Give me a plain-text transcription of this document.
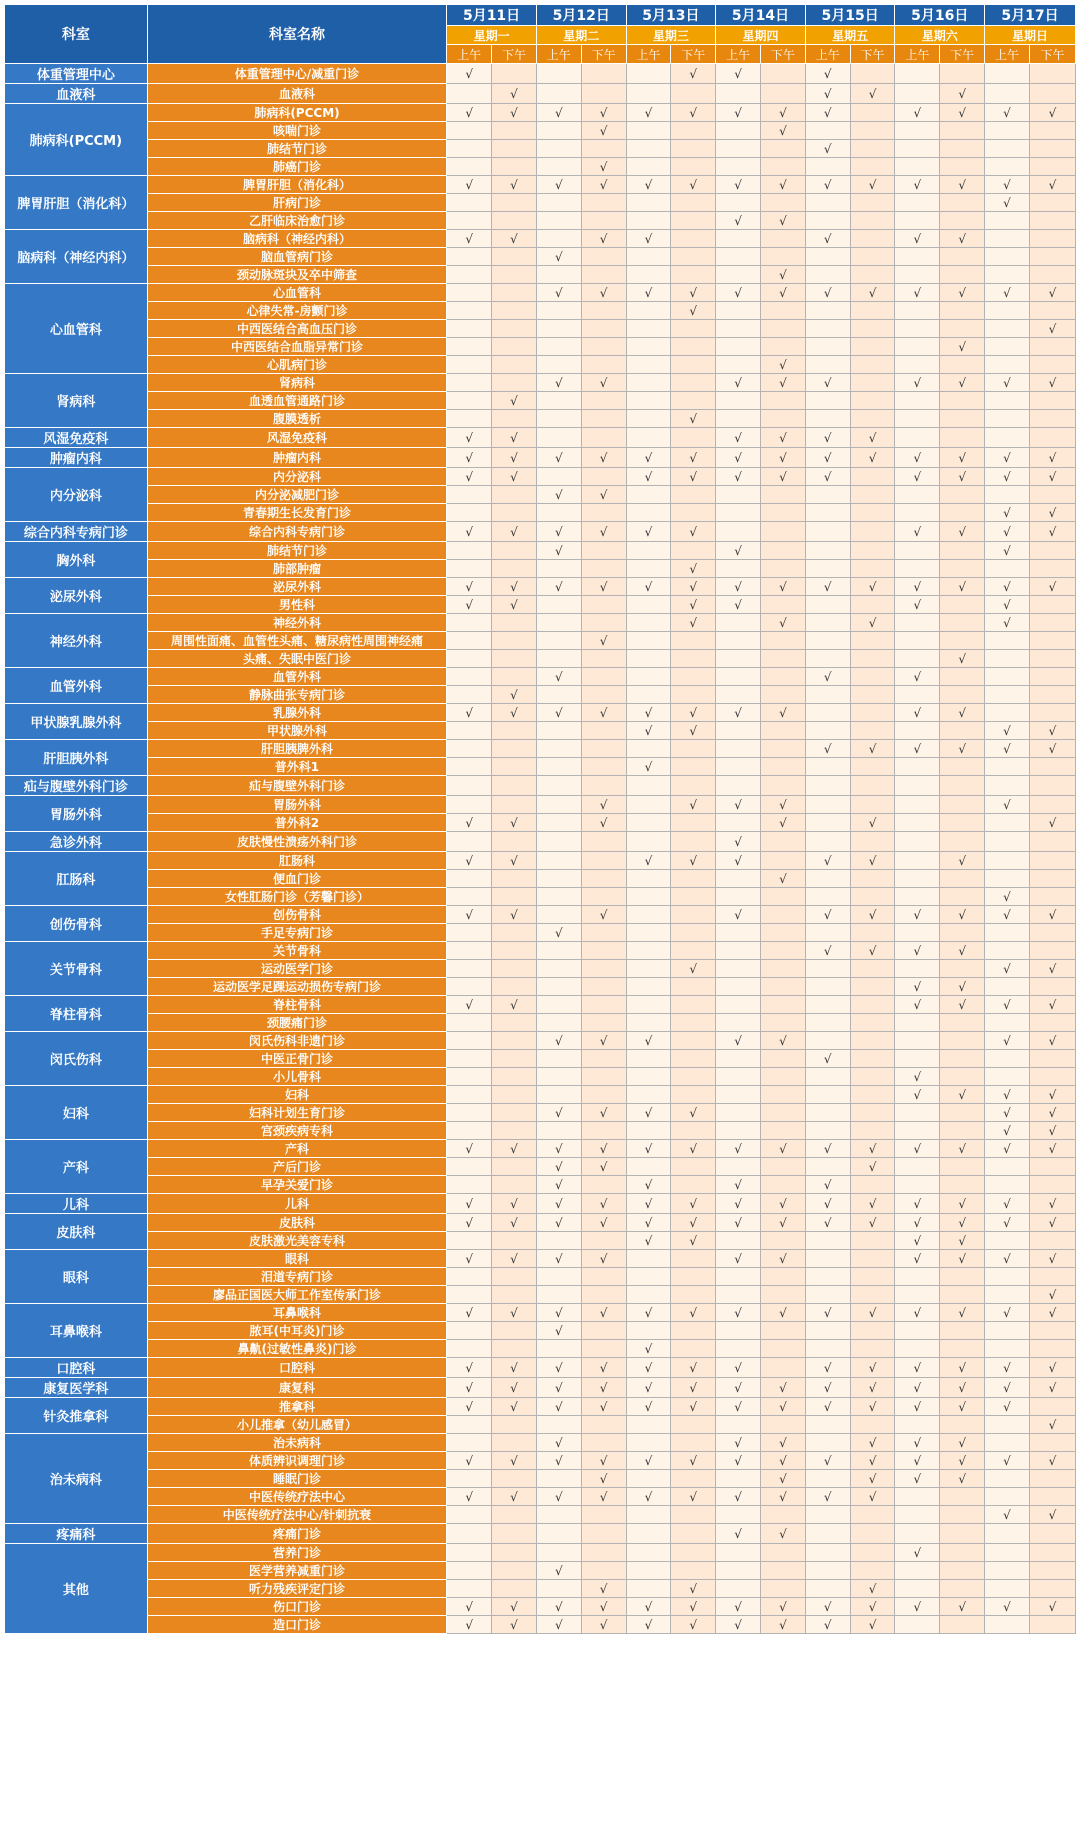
科室	科室名称	5月11日		5月12日		5月13日		5月14日		5月15日		5月16日		5月17日	
		星期一		星期二		星期三		星期四		星期五		星期六		星期日	
		上午	下午	上午	下午	上午	下午	上午	下午	上午	下午	上午	下午	上午	下午
体重管理中心	体重管理中心/减重门诊	√					√	√		√					
血液科	血液科		√							√	√		√		
肺病科(PCCM)	肺病科(PCCM)	√	√	√	√	√	√	√	√	√		√	√	√	√
	咳喘门诊				√				√						
	肺结节门诊									√					
	肺癌门诊				√										
脾胃肝胆（消化科）	脾胃肝胆（消化科）	√	√	√	√	√	√	√	√	√	√	√	√	√	√
	肝病门诊													√	
	乙肝临床治愈门诊							√	√						
脑病科（神经内科）	脑病科（神经内科）	√	√		√	√				√		√	√		
	脑血管病门诊			√											
	颈动脉斑块及卒中筛查								√						
心血管科	心血管科			√	√	√	√	√	√	√	√	√	√	√	√
	心律失常-房颤门诊						√								
	中西医结合高血压门诊														√
	中西医结合血脂异常门诊												√		
	心肌病门诊								√						
肾病科	肾病科			√	√			√	√	√		√	√	√	√
	血透血管通路门诊		√												
	腹膜透析						√								
风湿免疫科	风湿免疫科	√	√					√	√	√	√				
肿瘤内科	肿瘤内科	√	√	√	√	√	√	√	√	√	√	√	√	√	√
内分泌科	内分泌科	√	√			√	√	√	√	√		√	√	√	√
	内分泌减肥门诊			√	√										
	青春期生长发育门诊													√	√
综合内科专病门诊	综合内科专病门诊	√	√	√	√	√	√					√	√	√	√
胸外科	肺结节门诊			√				√						√	
	肺部肿瘤						√								
泌尿外科	泌尿外科	√	√	√	√	√	√	√	√	√	√	√	√	√	√
	男性科	√	√				√	√				√		√	
神经外科	神经外科						√		√		√			√	
	周围性面痛、血管性头痛、糖尿病性周围神经痛				√										
	头痛、失眠中医门诊												√		
血管外科	血管外科			√						√		√			
	静脉曲张专病门诊		√												
甲状腺乳腺外科	乳腺外科	√	√	√	√	√	√	√	√			√	√		
	甲状腺外科					√	√							√	√
肝胆胰外科	肝胆胰脾外科									√	√	√	√	√	√
	普外科1					√									
疝与腹壁外科门诊	疝与腹壁外科门诊														
胃肠外科	胃肠外科				√		√	√	√					√	
	普外科2	√	√		√				√		√				√
急诊外科	皮肤慢性溃疡外科门诊							√							
肛肠科	肛肠科	√	√			√	√	√		√	√		√		
	便血门诊								√						
	女性肛肠门诊（芳馨门诊）													√	
创伤骨科	创伤骨科	√	√		√			√		√	√	√	√	√	√
	手足专病门诊			√											
关节骨科	关节骨科									√	√	√	√		
	运动医学门诊						√							√	√
	运动医学足踝运动损伤专病门诊											√	√		
脊柱骨科	脊柱骨科	√	√									√	√	√	√
	颈腰痛门诊														
闵氏伤科	闵氏伤科非遗门诊			√	√	√		√	√					√	√
	中医正骨门诊									√					
	小儿骨科											√			
妇科	妇科											√	√	√	√
	妇科计划生育门诊			√	√	√	√							√	√
	宫颈疾病专科													√	√
产科	产科	√	√	√	√	√	√	√	√	√	√	√	√	√	√
	产后门诊			√	√						√				
	早孕关爱门诊			√		√		√		√					
儿科	儿科	√	√	√	√	√	√	√	√	√	√	√	√	√	√
皮肤科	皮肤科	√	√	√	√	√	√	√	√	√	√	√	√	√	√
	皮肤激光美容专科					√	√					√	√		
眼科	眼科	√	√	√	√			√	√			√	√	√	√
	泪道专病门诊														
	廖品正国医大师工作室传承门诊														√
耳鼻喉科	耳鼻喉科	√	√	√	√	√	√	√	√	√	√	√	√	√	√
	脓耳(中耳炎)门诊			√											
	鼻鼽(过敏性鼻炎)门诊					√									
口腔科	口腔科	√	√	√	√	√	√	√		√	√	√	√	√	√
康复医学科	康复科	√	√	√	√	√	√	√	√	√	√	√	√	√	√
针灸推拿科	推拿科	√	√	√	√	√	√	√	√	√	√	√	√	√	
	小儿推拿（幼儿感冒）														√
治未病科	治未病科			√				√	√		√	√	√		
	体质辨识调理门诊	√	√	√	√	√	√	√	√	√	√	√	√	√	√
	睡眠门诊				√				√		√	√	√		
	中医传统疗法中心	√	√	√	√	√	√	√	√	√	√				
	中医传统疗法中心/针刺抗衰													√	√
疼痛科	疼痛门诊							√	√						
其他	营养门诊											√			
	医学营养减重门诊			√											
	听力残疾评定门诊				√		√				√				
	伤口门诊	√	√	√	√	√	√	√	√	√	√	√	√	√	√
	造口门诊	√	√	√	√	√	√	√	√	√	√				
